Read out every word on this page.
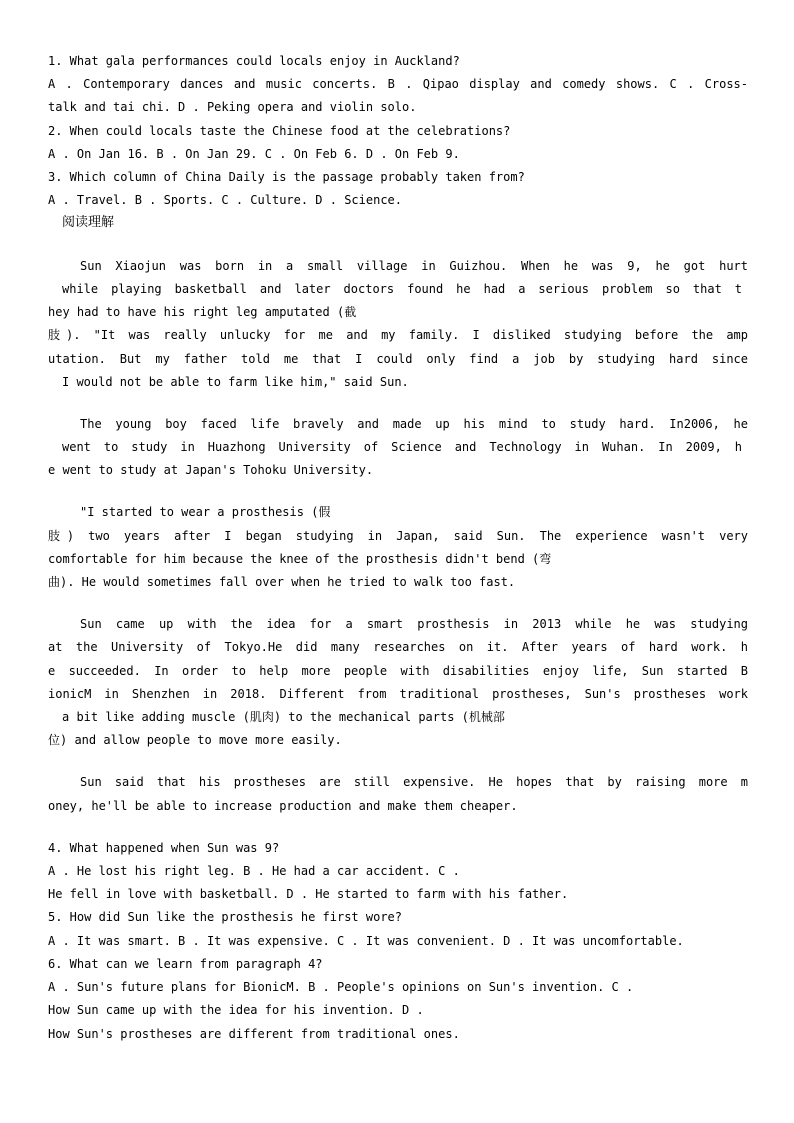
1. What gala performances could locals enjoy in Auckland?
A . Contemporary dances and music concerts. B . Qipao display and comedy shows. C . Cross-
talk and tai chi. D . Peking opera and violin solo.
2. When could locals taste the Chinese food at the celebrations?
A . On Jan 16. B . On Jan 29. C . On Feb 6. D . On Feb 9.
3. Which column of China Daily is the passage probably taken from?
A . Travel. B . Sports. C . Culture. D . Science.
阅读理解
Sun Xiaojun was born in a small village in Guizhou. When he was 9, he got hurt
while playing basketball and later doctors found he had a serious problem so that t
hey had to have his right leg amputated (截
肢). "It was really unlucky for me and my family. I disliked studying before the amp
utation. But my father told me that I could only find a job by studying hard since
I would not be able to farm like him," said Sun.
The young boy faced life bravely and made up his mind to study hard. In2006, he
went to study in Huazhong University of Science and Technology in Wuhan. In 2009, h
e went to study at Japan's Tohoku University.
"I started to wear a prosthesis (假
肢) two years after I began studying in Japan, said Sun. The experience wasn't very
comfortable for him because the knee of the prosthesis didn't bend (弯
曲). He would sometimes fall over when he tried to walk too fast.
Sun came up with the idea for a smart prosthesis in 2013 while he was studying
at the University of Tokyo.He did many researches on it. After years of hard work. h
e succeeded. In order to help more people with disabilities enjoy life, Sun started B
ionicM in Shenzhen in 2018. Different from traditional prostheses, Sun's prostheses work
a bit like adding muscle (肌肉) to the mechanical parts (机械部
位) and allow people to move more easily.
Sun said that his prostheses are still expensive. He hopes that by raising more m
oney, he'll be able to increase production and make them cheaper.
4. What happened when Sun was 9?
A . He lost his right leg. B . He had a car accident. C .
He fell in love with basketball. D . He started to farm with his father.
5. How did Sun like the prosthesis he first wore?
A . It was smart. B . It was expensive. C . It was convenient. D . It was uncomfortable.
6. What can we learn from paragraph 4?
A . Sun's future plans for BionicM. B . People's opinions on Sun's invention. C .
How Sun came up with the idea for his invention. D .
How Sun's prostheses are different from traditional ones.
